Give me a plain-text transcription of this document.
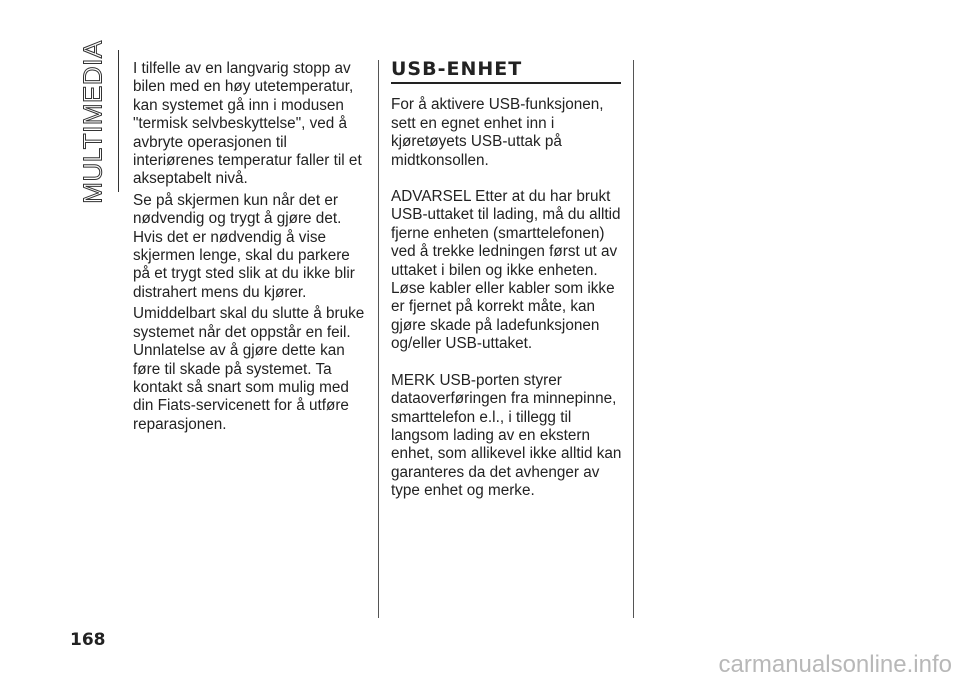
MULTIMEDIA I tilfelle av en langvarig stopp av bilen med en høy utetemperatur, kan systemet gå inn i modusen "termisk selvbeskyttelse", ved å avbryte operasjonen til interiørenes temperatur faller til et akseptabelt nivå.

Se på skjermen kun når det er nødvendig og trygt å gjøre det. Hvis det er nødvendig å vise skjermen lenge, skal du parkere på et trygt sted slik at du ikke blir distrahert mens du kjører.

Umiddelbart skal du slutte å bruke systemet når det oppstår en feil. Unnlatelse av å gjøre dette kan føre til skade på systemet. Ta kontakt så snart som mulig med din Fiats-servicenett for å utføre reparasjonen.

USB-ENHET

For å aktivere USB-funksjonen, sett en egnet enhet inn i kjøretøyets USB-uttak på midtkonsollen.

ADVARSEL Etter at du har brukt USB-uttaket til lading, må du alltid fjerne enheten (smarttelefonen) ved å trekke ledningen først ut av uttaket i bilen og ikke enheten. Løse kabler eller kabler som ikke er fjernet på korrekt måte, kan gjøre skade på ladefunksjonen og/eller USB-uttaket.

MERK USB-porten styrer dataoverføringen fra minnepinne, smarttelefon e.l., i tillegg til langsom lading av en ekstern enhet, som allikevel ikke alltid kan garanteres da det avhenger av type enhet og merke.

168
carmanualsonline.info
